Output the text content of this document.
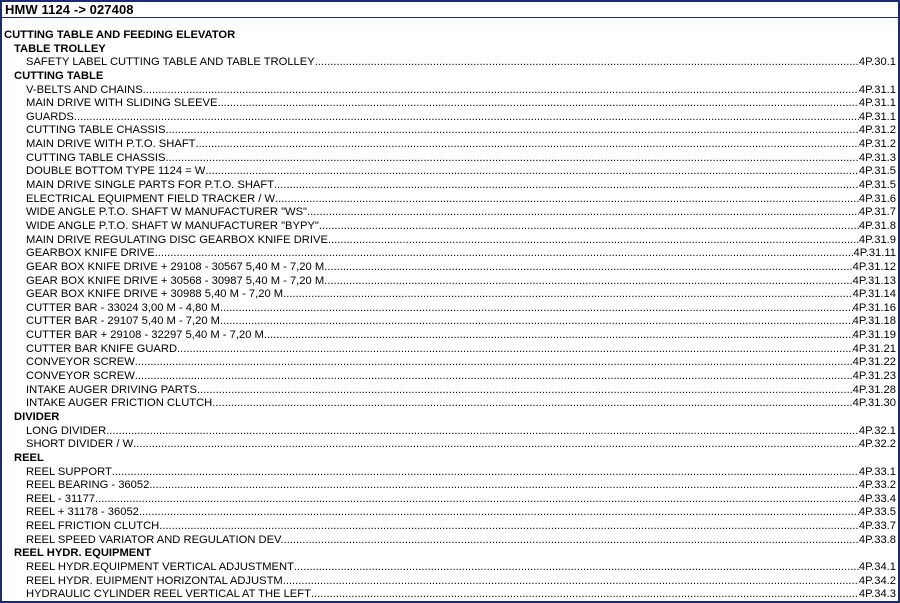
HMW 1124 -> 027408
CUTTING TABLE AND FEEDING ELEVATOR
TABLE TROLLEY
SAFETY LABEL CUTTING TABLE AND TABLE TROLLEY .....	4P.30.1
CUTTING TABLE
V-BELTS AND CHAINS .....	4P.31.1
MAIN DRIVE WITH SLIDING SLEEVE .....	4P.31.1
GUARDS .....	4P.31.1
CUTTING TABLE CHASSIS .....	4P.31.2
MAIN DRIVE WITH P.T.O. SHAFT .....	4P.31.2
CUTTING TABLE CHASSIS .....	4P.31.3
DOUBLE BOTTOM TYPE 1124 = W .....	4P.31.5
MAIN DRIVE SINGLE PARTS FOR P.T.O. SHAFT .....	4P.31.5
ELECTRICAL EQUIPMENT FIELD TRACKER / W .....	4P.31.6
WIDE ANGLE P.T.O. SHAFT W MANUFACTURER "WS" .....	4P.31.7
WIDE ANGLE P.T.O. SHAFT W MANUFACTURER "BYPY" .....	4P.31.8
MAIN DRIVE REGULATING DISC GEARBOX KNIFE DRIVE .....	4P.31.9
GEARBOX KNIFE DRIVE .....	4P.31.11
GEAR BOX KNIFE DRIVE + 29108 - 30567 5,40 M - 7,20 M .....	4P.31.12
GEAR BOX KNIFE DRIVE + 30568 - 30987 5,40 M - 7,20 M .....	4P.31.13
GEAR BOX KNIFE DRIVE + 30988 5,40 M - 7,20 M .....	4P.31.14
CUTTER BAR - 33024 3,00 M - 4,80 M .....	4P.31.16
CUTTER BAR - 29107 5,40 M - 7,20 M .....	4P.31.18
CUTTER BAR + 29108 - 32297 5,40 M - 7,20 M .....	4P.31.19
CUTTER BAR KNIFE GUARD .....	4P.31.21
CONVEYOR SCREW .....	4P.31.22
CONVEYOR SCREW .....	4P.31.23
INTAKE AUGER DRIVING PARTS .....	4P.31.28
INTAKE AUGER FRICTION CLUTCH .....	4P.31.30
DIVIDER
LONG DIVIDER .....	4P.32.1
SHORT DIVIDER / W .....	4P.32.2
REEL
REEL SUPPORT .....	4P.33.1
REEL BEARING - 36052 .....	4P.33.2
REEL - 31177 .....	4P.33.4
REEL + 31178 - 36052 .....	4P.33.5
REEL FRICTION CLUTCH .....	4P.33.7
REEL SPEED VARIATOR AND REGULATION DEV. .....	4P.33.8
REEL HYDR. EQUIPMENT
REEL HYDR.EQUIPMENT VERTICAL ADJUSTMENT .....	4P.34.1
REEL HYDR. EUIPMENT HORIZONTAL ADJUSTM .....	4P.34.2
HYDRAULIC CYLINDER REEL VERTICAL AT THE LEFT .....	4P.34.3
